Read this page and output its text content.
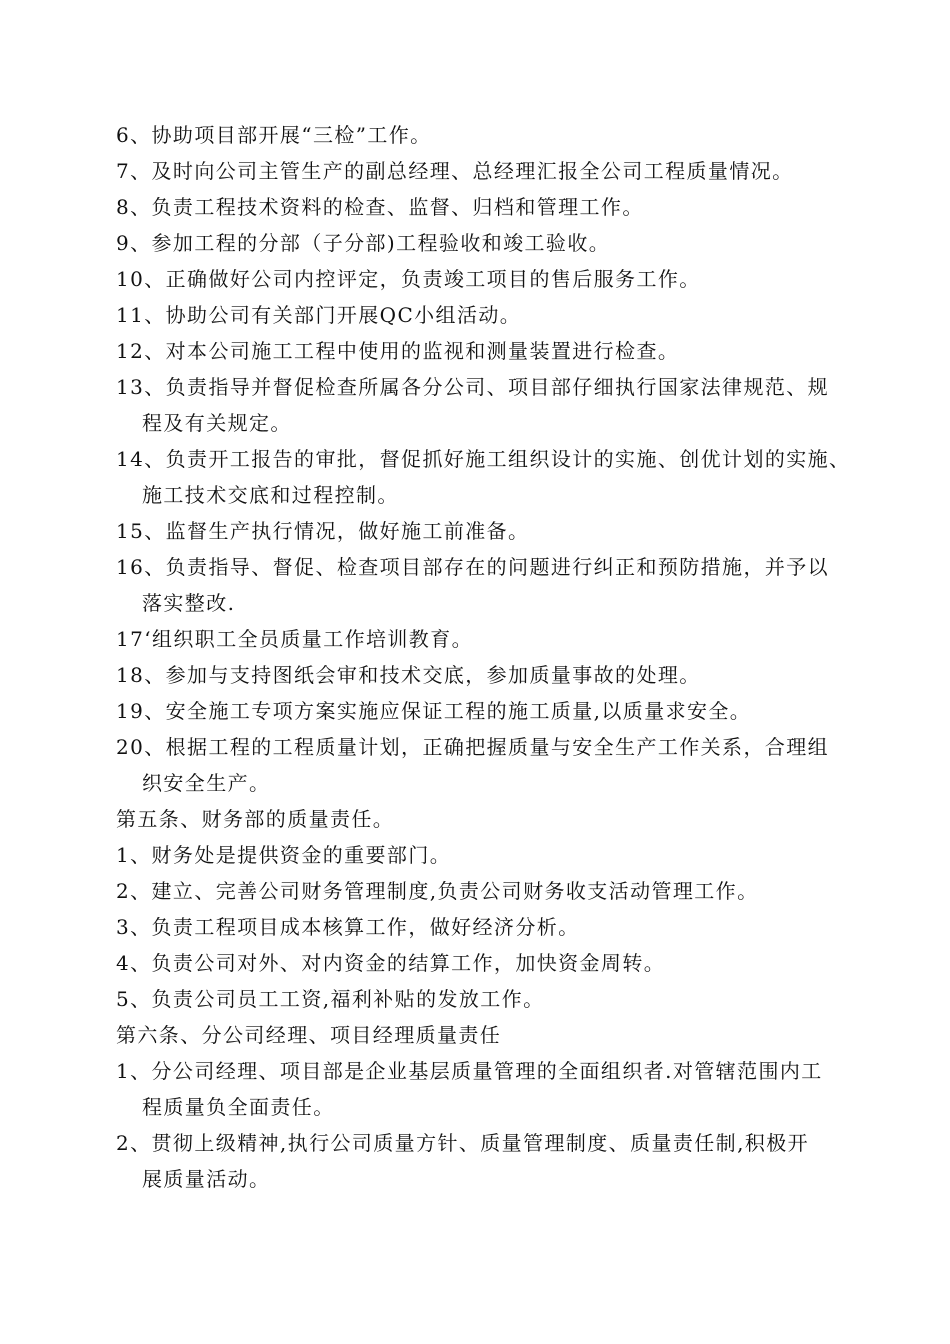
6、协助项目部开展“三检”工作。
7、及时向公司主管生产的副总经理、总经理汇报全公司工程质量情况。
8、负责工程技术资料的检查、监督、归档和管理工作。
9、参加工程的分部（子分部)工程验收和竣工验收。
10、正确做好公司内控评定，负责竣工项目的售后服务工作。
11、协助公司有关部门开展QC小组活动。
12、对本公司施工工程中使用的监视和测量装置进行检查。
13、负责指导并督促检查所属各分公司、项目部仔细执行国家法律规范、规
程及有关规定。
14、负责开工报告的审批，督促抓好施工组织设计的实施、创优计划的实施、
施工技术交底和过程控制。
15、监督生产执行情况，做好施工前准备。
16、负责指导、督促、检查项目部存在的问题进行纠正和预防措施，并予以
落实整改.
17‘组织职工全员质量工作培训教育。
18、参加与支持图纸会审和技术交底，参加质量事故的处理。
19、安全施工专项方案实施应保证工程的施工质量,以质量求安全。
20、根据工程的工程质量计划，正确把握质量与安全生产工作关系，合理组
织安全生产。
第五条、财务部的质量责任。
1、财务处是提供资金的重要部门。
2、建立、完善公司财务管理制度,负责公司财务收支活动管理工作。
3、负责工程项目成本核算工作，做好经济分析。
4、负责公司对外、对内资金的结算工作，加快资金周转。
5、负责公司员工工资,福利补贴的发放工作。
第六条、分公司经理、项目经理质量责任
1、分公司经理、项目部是企业基层质量管理的全面组织者.对管辖范围内工
程质量负全面责任。
2、贯彻上级精神,执行公司质量方针、质量管理制度、质量责任制,积极开
展质量活动。
